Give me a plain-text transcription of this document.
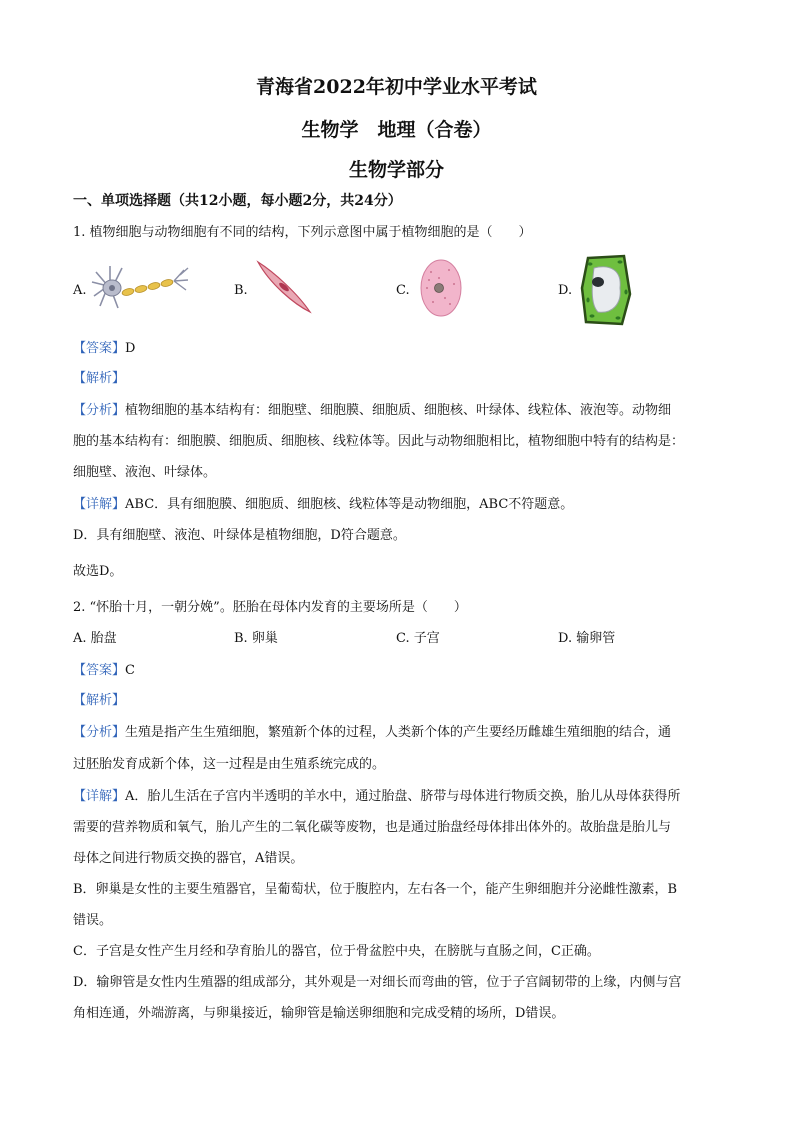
青海省2022年初中学业水平考试
生物学　地理（合卷）
生物学部分
一、单项选择题（共12小题，每小题2分，共24分）
1. 植物细胞与动物细胞有不同的结构，下列示意图中属于植物细胞的是（　　）
A.	B.	C.	D.
【答案】D
【解析】
【分析】植物细胞的基本结构有：细胞壁、细胞膜、细胞质、细胞核、叶绿体、线粒体、液泡等。动物细
胞的基本结构有：细胞膜、细胞质、细胞核、线粒体等。因此与动物细胞相比，植物细胞中特有的结构是：
细胞壁、液泡、叶绿体。
【详解】ABC．具有细胞膜、细胞质、细胞核、线粒体等是动物细胞，ABC不符题意。
D．具有细胞壁、液泡、叶绿体是植物细胞，D符合题意。
故选D。
2. “怀胎十月，一朝分娩”。胚胎在母体内发育的主要场所是（　　）
A. 胎盘	B. 卵巢	C. 子宫	D. 输卵管
【答案】C
【解析】
【分析】生殖是指产生生殖细胞，繁殖新个体的过程，人类新个体的产生要经历雌雄生殖细胞的结合，通
过胚胎发育成新个体，这一过程是由生殖系统完成的。
【详解】A．胎儿生活在子宫内半透明的羊水中，通过胎盘、脐带与母体进行物质交换，胎儿从母体获得所
需要的营养物质和氧气，胎儿产生的二氧化碳等废物，也是通过胎盘经母体排出体外的。故胎盘是胎儿与
母体之间进行物质交换的器官，A错误。
B．卵巢是女性的主要生殖器官，呈葡萄状，位于腹腔内，左右各一个，能产生卵细胞并分泌雌性激素，B
错误。
C．子宫是女性产生月经和孕育胎儿的器官，位于骨盆腔中央，在膀胱与直肠之间，C正确。
D．输卵管是女性内生殖器的组成部分，其外观是一对细长而弯曲的管，位于子宫阔韧带的上缘，内侧与宫
角相连通，外端游离，与卵巢接近，输卵管是输送卵细胞和完成受精的场所，D错误。
